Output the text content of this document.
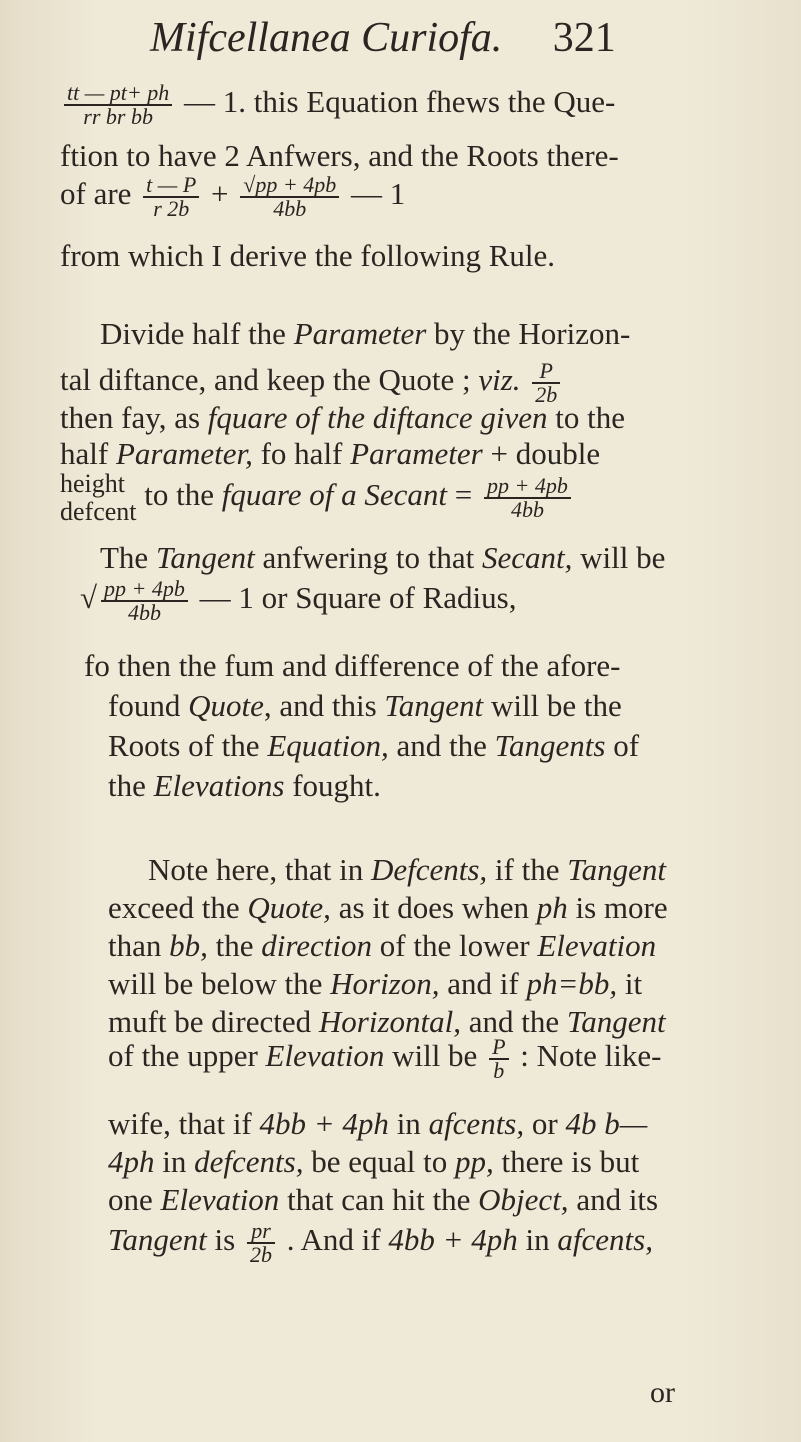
Mifcellanea Curiofa. 321
$\frac{tt — pt+ ph}{\text{rr br bb}}$ — 1. this Equation fhews the Que-
ftion to have 2 Anfwers, and the Roots there-
of are $\frac{t — P}{r 2b} + \frac{√pp + 4pb}{4bb}$ — 1
from which I derive the following Rule.
Divide half the Parameter by the Horizon-
tal diftance, and keep the Quote ; viz. $\frac{P}{2b}$
then fay, as fquare of the diftance given to the
half Parameter, fo half Parameter + double
height
defcent to the fquare of a Secant = $\frac{pp + 4pb}{4bb}$
The Tangent anfwering to that Secant, will be
√ $\frac{pp + 4pb}{4bb}$ — 1 or Square of Radius,
fo then the fum and difference of the afore-
found Quote, and this Tangent will be the
Roots of the Equation, and the Tangents of
the Elevations fought.
Note here, that in Defcents, if the Tangent
exceed the Quote, as it does when ph is more
than bb, the direction of the lower Elevation
will be below the Horizon, and if ph=bb, it
muft be directed Horizontal, and the Tangent
of the upper Elevation will be $\frac{P}{b}$ : Note like-
wife, that if 4bb + 4ph in afcents, or 4b b—
4ph in defcents, be equal to pp, there is but
one Elevation that can hit the Object, and its
Tangent is $\frac{pr}{2b}$ . And if 4bb + 4ph in afcents,
or
